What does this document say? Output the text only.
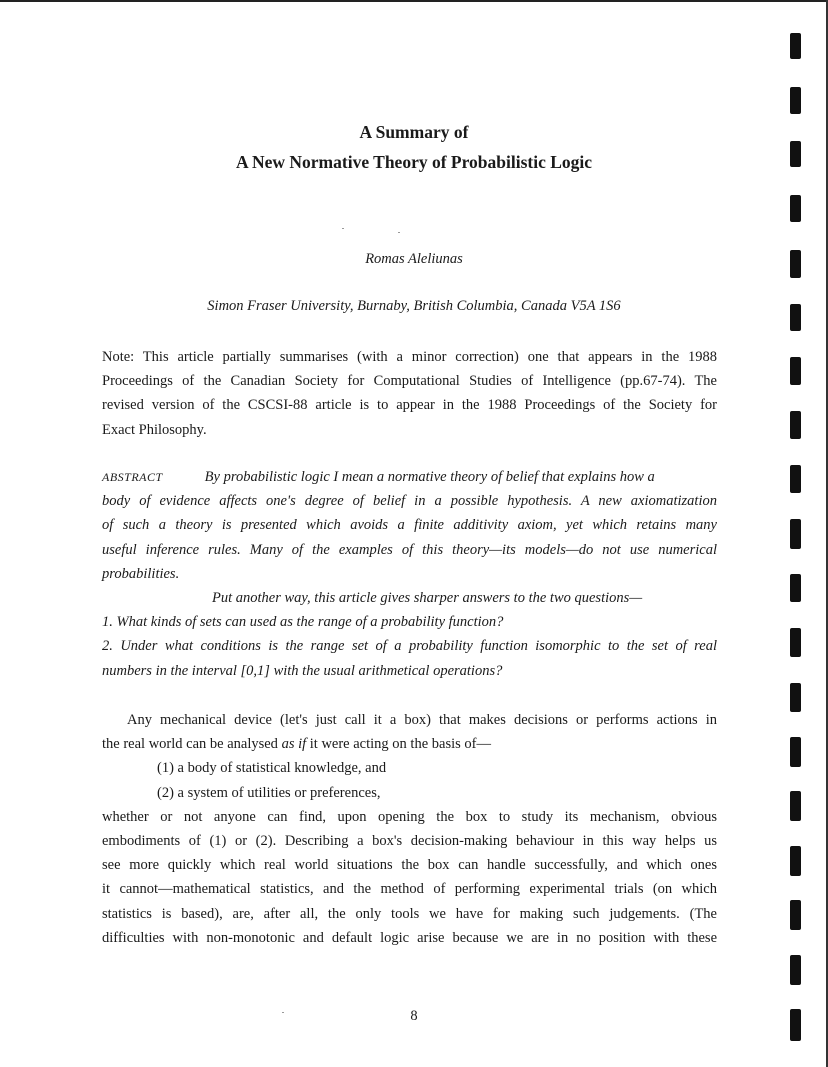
A Summary of
A New Normative Theory of Probabilistic Logic
Romas Aleliunas
Simon Fraser University, Burnaby, British Columbia, Canada V5A 1S6
Note: This article partially summarises (with a minor correction) one that appears in the 1988
Proceedings of the Canadian Society for Computational Studies of Intelligence (pp.67-74). The
revised version of the CSCSI-88 article is to appear in the 1988 Proceedings of the Society for
Exact Philosophy.
ABSTRACT	By probabilistic logic I mean a normative theory of belief that explains how a
body of evidence affects one's degree of belief in a possible hypothesis. A new axiomatization
of such a theory is presented which avoids a finite additivity axiom, yet which retains many
useful inference rules. Many of the examples of this theory—its models—do not use numerical
probabilities.
Put another way, this article gives sharper answers to the two questions—
1. What kinds of sets can used as the range of a probability function?
2. Under what conditions is the range set of a probability function isomorphic to the set of real
numbers in the interval [0,1] with the usual arithmetical operations?
Any mechanical device (let's just call it a box) that makes decisions or performs actions in
the real world can be analysed as if it were acting on the basis of—
(1) a body of statistical knowledge, and
(2) a system of utilities or preferences,
whether or not anyone can find, upon opening the box to study its mechanism, obvious
embodiments of (1) or (2). Describing a box's decision-making behaviour in this way helps us
see more quickly which real world situations the box can handle successfully, and which ones
it cannot—mathematical statistics, and the method of performing experimental trials (on which
statistics is based), are, after all, the only tools we have for making such judgements. (The
difficulties with non-monotonic and default logic arise because we are in no position with these
8
